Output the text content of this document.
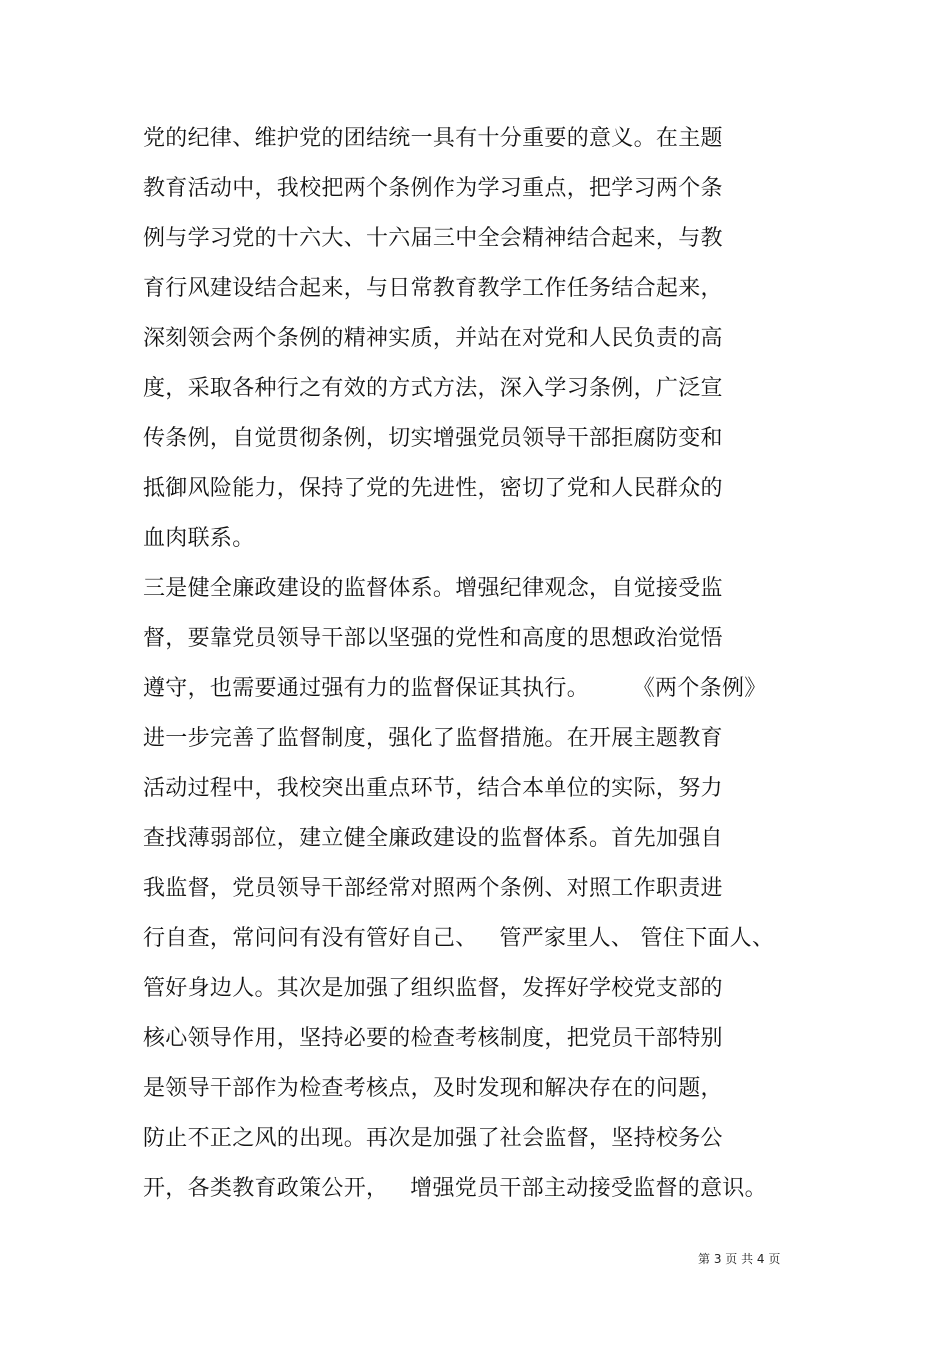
党的纪律、维护党的团结统一具有十分重要的意义。在主题
教育活动中，我校把两个条例作为学习重点，把学习两个条
例与学习党的十六大、十六届三中全会精神结合起来，与教
育行风建设结合起来，与日常教育教学工作任务结合起来，
深刻领会两个条例的精神实质，并站在对党和人民负责的高
度，采取各种行之有效的方式方法，深入学习条例，广泛宣
传条例，自觉贯彻条例，切实增强党员领导干部拒腐防变和
抵御风险能力，保持了党的先进性，密切了党和人民群众的
血肉联系。
三是健全廉政建设的监督体系。增强纪律观念，自觉接受监
督，要靠党员领导干部以坚强的党性和高度的思想政治觉悟
遵守，也需要通过强有力的监督保证其执行。      《两个条例》
进一步完善了监督制度，强化了监督措施。在开展主题教育
活动过程中，我校突出重点环节，结合本单位的实际，努力
查找薄弱部位，建立健全廉政建设的监督体系。首先加强自
我监督，党员领导干部经常对照两个条例、对照工作职责进
行自查，常问问有没有管好自己、   管严家里人、 管住下面人、
管好身边人。其次是加强了组织监督，发挥好学校党支部的
核心领导作用，坚持必要的检查考核制度，把党员干部特别
是领导干部作为检查考核点，及时发现和解决存在的问题，
防止不正之风的出现。再次是加强了社会监督，坚持校务公
开，各类教育政策公开，   增强党员干部主动接受监督的意识。
第 3 页 共 4 页
